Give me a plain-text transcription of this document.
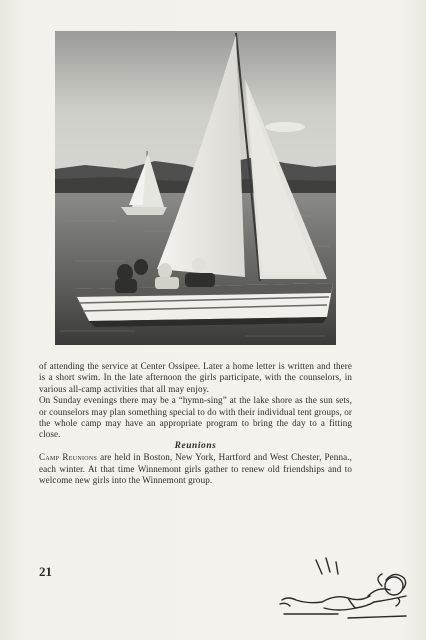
of attending the service at Center Ossipee. Later a home letter is written and there is a short swim. In the late afternoon the girls participate, with the counselors, in various all-camp activities that all may enjoy.

On Sunday evenings there may be a “hymn-sing” at the lake shore as the sun sets, or counselors may plan something special to do with their individual tent groups, or the whole camp may have an appropriate program to bring the day to a fitting close.

Reunions

Camp Reunions are held in Boston, New York, Hartford and West Chester, Penna., each winter. At that time Winnemont girls gather to renew old friendships and to welcome new girls into the Winnemont group.

21
